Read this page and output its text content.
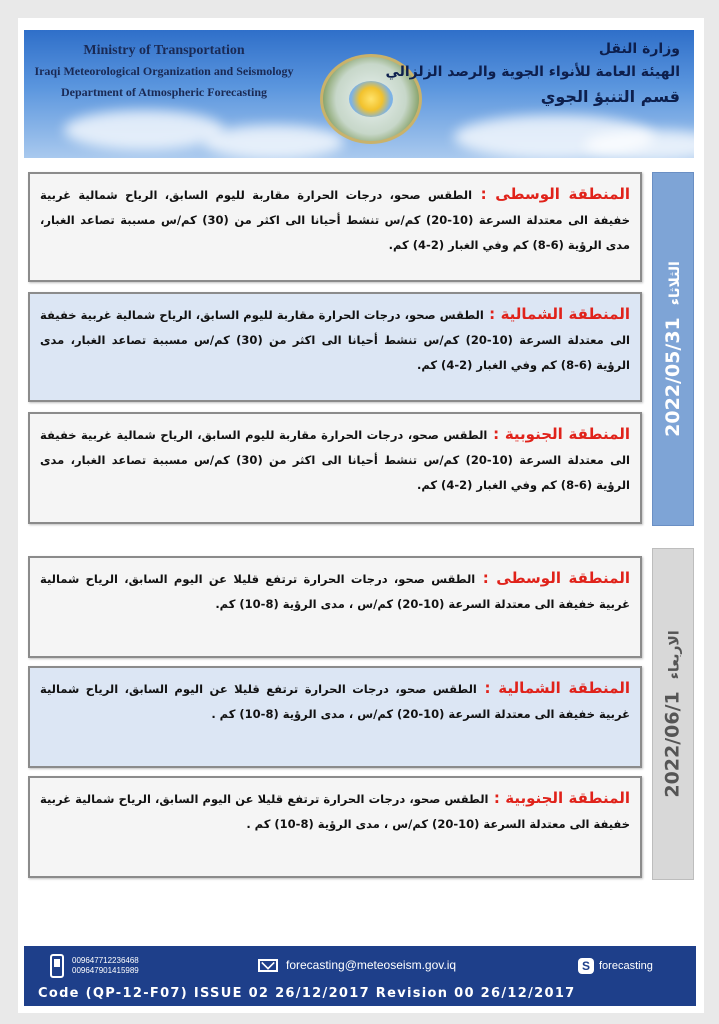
Ministry of Transportation
Iraqi Meteorological Organization and Seismology
Department of Atmospheric Forecasting
وزارة النقل
الهيئة العامة للأنواء الجوية والرصد الزلزالي
قسم التنبؤ الجوي
2022/05/31
الثلاثاء

المنطقة الوسطى : الطقس صحو، درجات الحرارة مقاربة لليوم السابق، الرياح شمالية غربية خفيفة الى معتدلة السرعة (10-20) كم/س تنشط أحيانا الى اكثر من (30) كم/س مسببة تصاعد الغبار، مدى الرؤية (6-8) كم وفي الغبار (2-4) كم.

المنطقة الشمالية : الطقس صحو، درجات الحرارة مقاربة لليوم السابق، الرياح شمالية غربية خفيفة الى معتدلة السرعة (10-20) كم/س تنشط أحيانا الى اكثر من (30) كم/س مسببة تصاعد الغبار، مدى الرؤية (6-8) كم وفي الغبار (2-4) كم.

المنطقة الجنوبية : الطقس صحو، درجات الحرارة مقاربة لليوم السابق، الرياح شمالية غربية خفيفة الى معتدلة السرعة (10-20) كم/س تنشط أحيانا الى اكثر من (30) كم/س مسببة تصاعد الغبار، مدى الرؤية (6-8) كم وفي الغبار (2-4) كم.

2022/06/1
الاربعاء

المنطقة الوسطى : الطقس صحو، درجات الحرارة ترتفع قليلا عن اليوم السابق، الرياح شمالية غربية خفيفة الى معتدلة السرعة (10-20) كم/س ، مدى الرؤية (8-10) كم.

المنطقة الشمالية : الطقس صحو، درجات الحرارة ترتفع قليلا عن اليوم السابق، الرياح شمالية غربية خفيفة الى معتدلة السرعة (10-20) كم/س ، مدى الرؤية (8-10) كم .

المنطقة الجنوبية : الطقس صحو، درجات الحرارة ترتفع قليلا عن اليوم السابق، الرياح شمالية غربية خفيفة الى معتدلة السرعة (10-20) كم/س ، مدى الرؤية (8-10) كم .

009647712236468
009647901415989	forecasting@meteoseism.gov.iq	S forecasting
Code (QP-12-F07) ISSUE 02 26/12/2017 Revision 00 26/12/2017
